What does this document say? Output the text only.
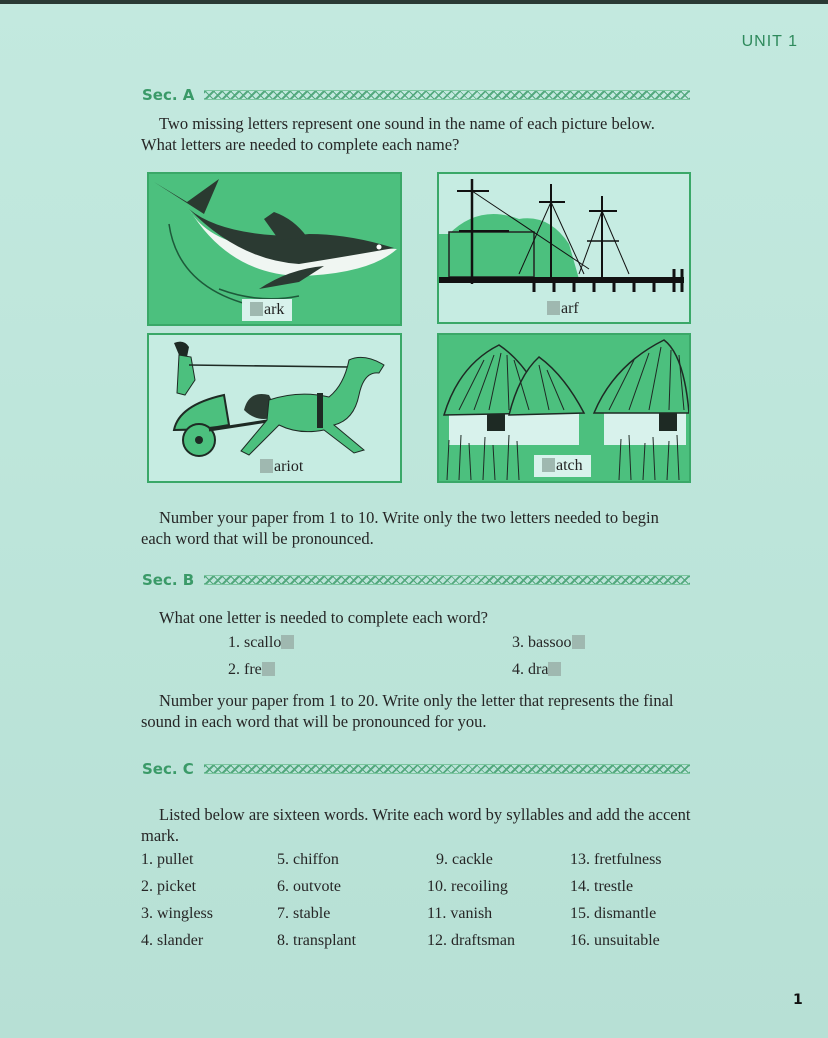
UNIT 1
Sec. A
Two missing letters represent one sound in the name of each picture below. What letters are needed to complete each name?
ark	arf
ariot	atch
Number your paper from 1 to 10. Write only the two letters needed to begin each word that will be pronounced.
Sec. B
What one letter is needed to complete each word?
1. scallo
2. fre
3. bassoo
4. dra
Number your paper from 1 to 20. Write only the letter that represents the final sound in each word that will be pronounced for you.
Sec. C
Listed below are sixteen words. Write each word by syllables and add the accent mark.
1. pullet
2. picket
3. wingless
4. slander
5. chiffon
6. outvote
7. stable
8. transplant
9. cackle
10. recoiling
11. vanish
12. draftsman
13. fretfulness
14. trestle
15. dismantle
16. unsuitable
1
